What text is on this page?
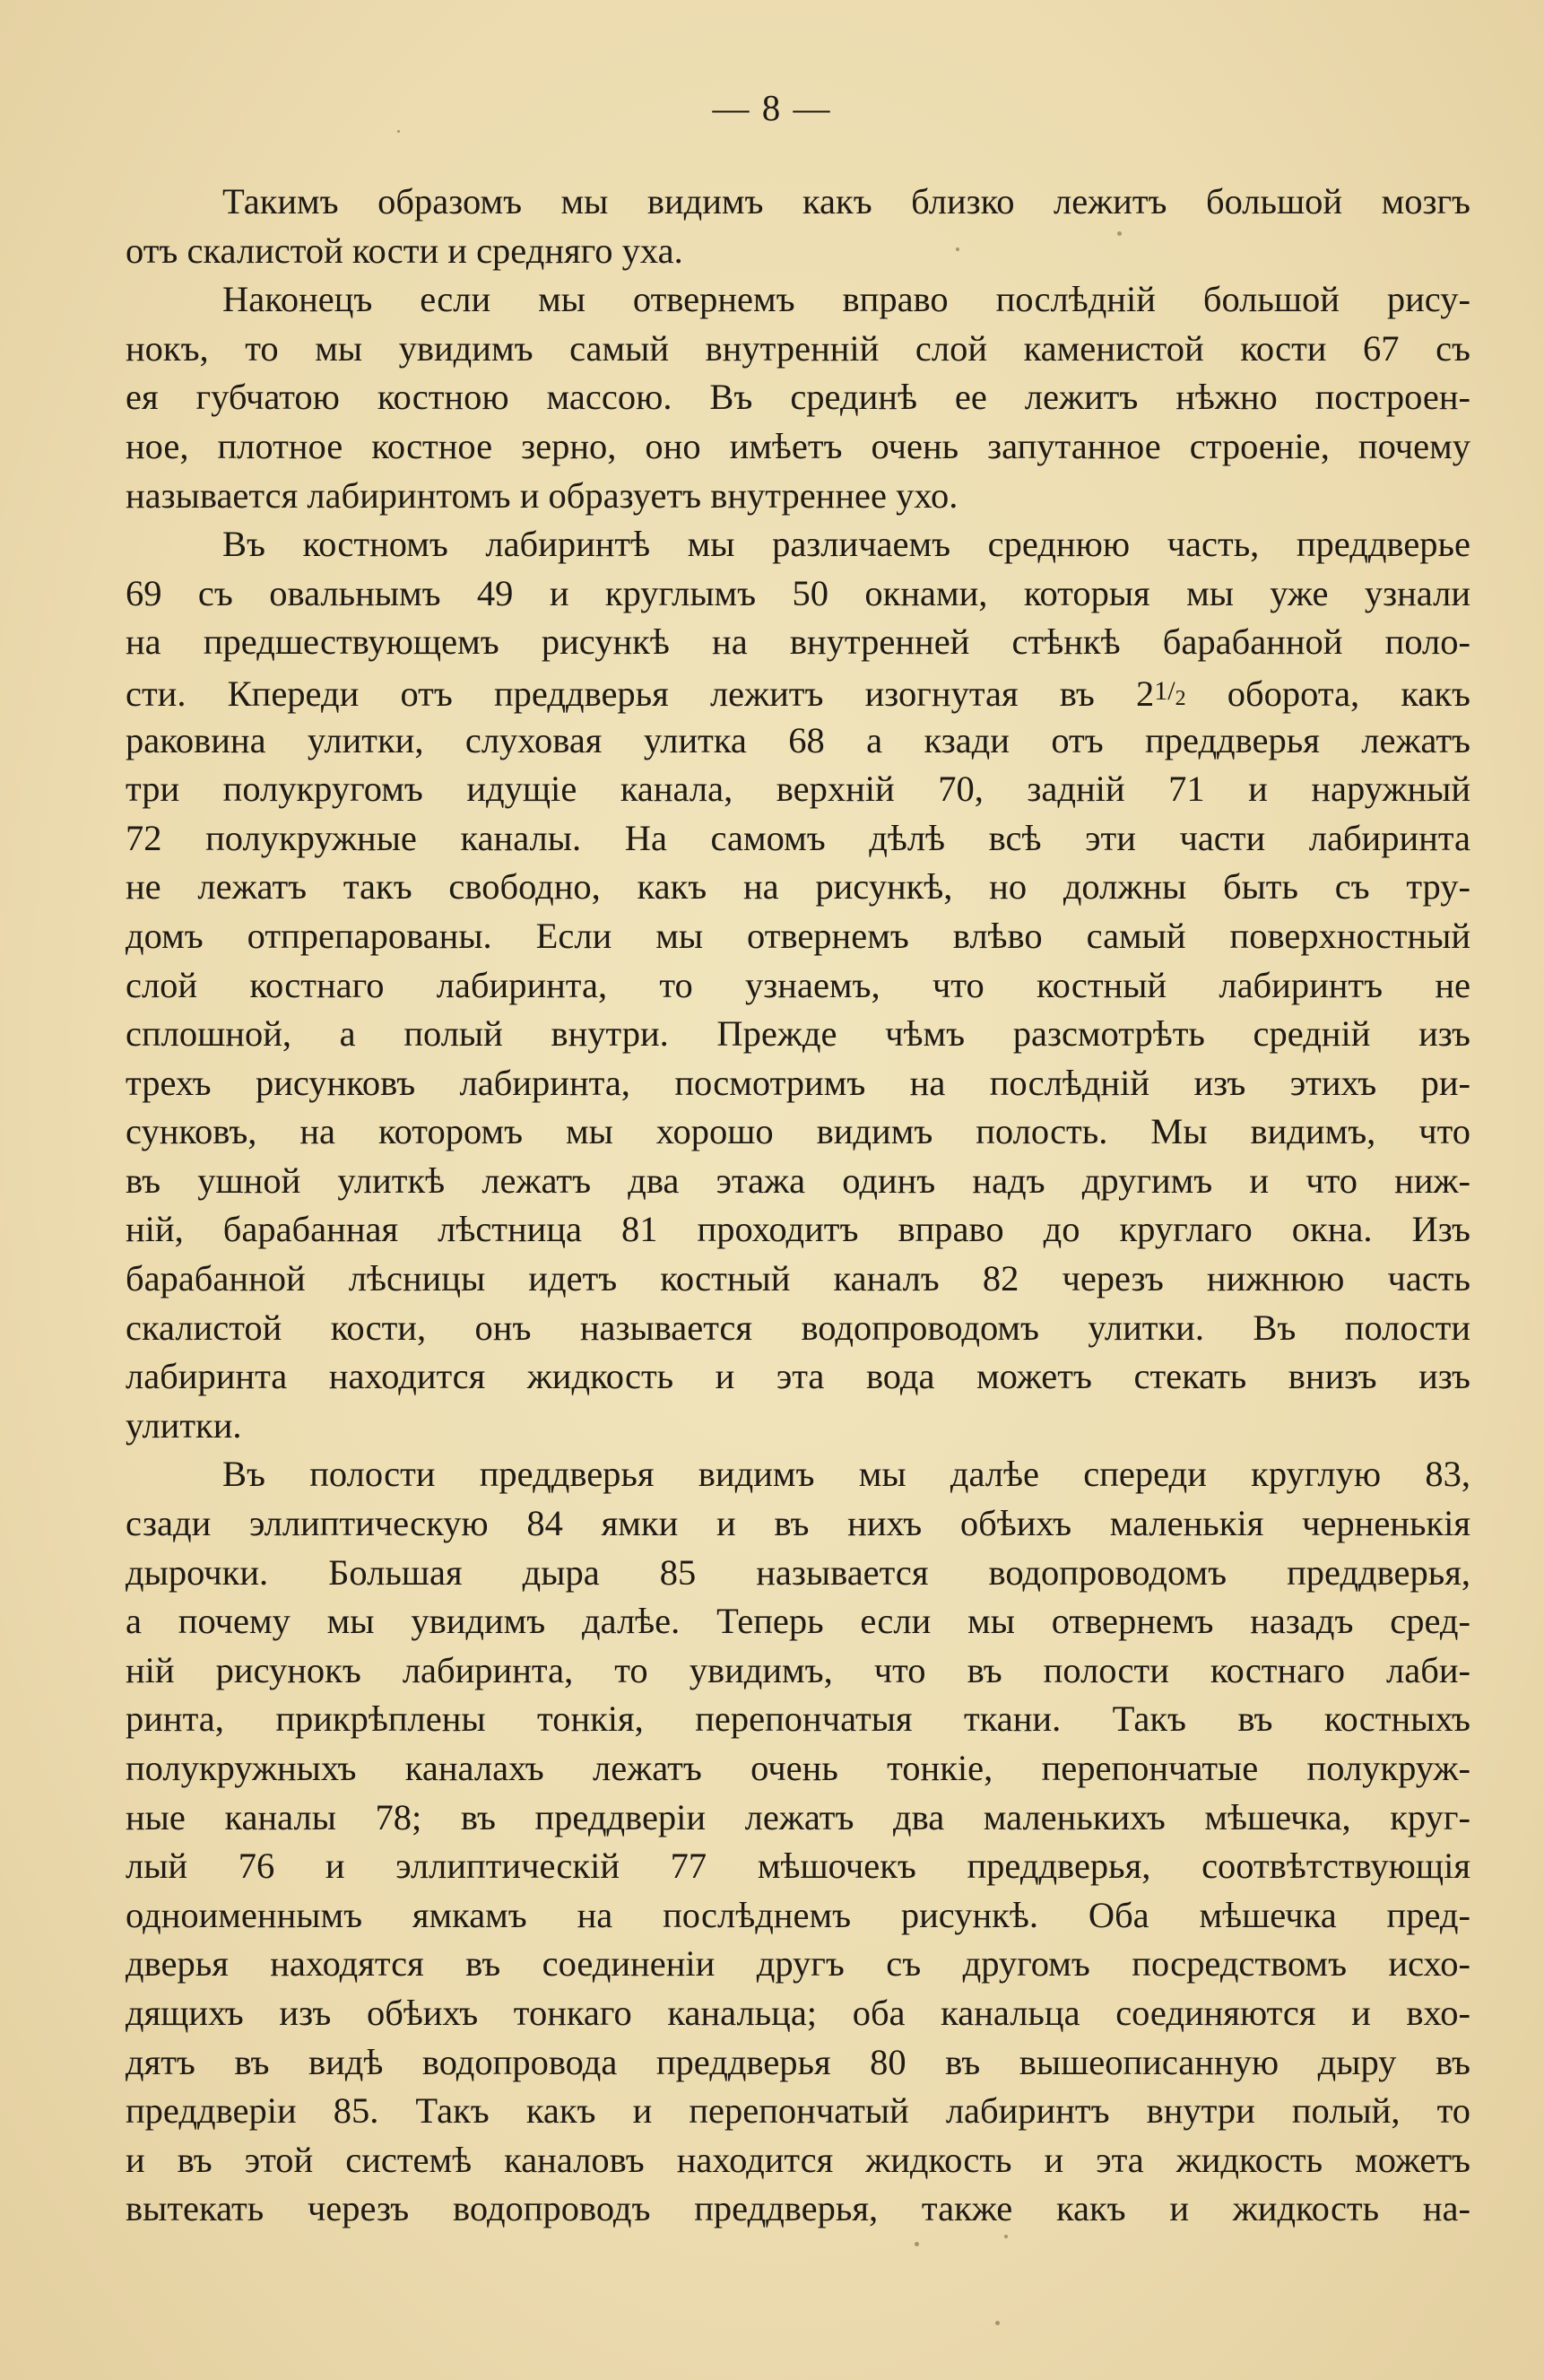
— 8 —
Такимъ образомъ мы видимъ какъ близко лежитъ большой мозгъ
отъ скалистой кости и средняго уха.
Наконецъ если мы отвернемъ вправо послѣднiй большой рису-
нокъ, то мы увидимъ самый внутреннiй слой каменистой кости 67 съ
ея губчатою костною массою. Въ срединѣ ее лежитъ нѣжно построен-
ное, плотное костное зерно, оно имѣетъ очень запутанное строенiе, почему
называется лабиринтомъ и образуетъ внутреннее ухо.
Въ костномъ лабиринтѣ мы различаемъ среднюю часть, преддверье
69 съ овальнымъ 49 и круглымъ 50 окнами, которыя мы уже узнали
на предшествующемъ рисункѣ на внутренней стѣнкѣ барабанной поло-
сти. Кпереди отъ преддверья лежитъ изогнутая въ $21/_2$ оборота, какъ
раковина улитки, слуховая улитка 68 а кзади отъ преддверья лежатъ
три полукругомъ идущiе канала, верхнiй 70, заднiй 71 и наружный
72 полукружные каналы. На самомъ дѣлѣ всѣ эти части лабиринта
не лежатъ такъ свободно, какъ на рисункѣ, но должны быть съ тру-
домъ отпрепарованы. Если мы отвернемъ влѣво самый поверхностный
слой костнаго лабиринта, то узнаемъ, что костный лабиринтъ не
сплошной, а полый внутри. Прежде чѣмъ разсмотрѣть среднiй изъ
трехъ рисунковъ лабиринта, посмотримъ на послѣднiй изъ этихъ ри-
сунковъ, на которомъ мы хорошо видимъ полость. Мы видимъ, что
въ ушной улиткѣ лежатъ два этажа одинъ надъ другимъ и что ниж-
нiй, барабанная лѣстница 81 проходитъ вправо до круглаго окна. Изъ
барабанной лѣсницы идетъ костный каналъ 82 черезъ нижнюю часть
скалистой кости, онъ называется водопроводомъ улитки. Въ полости
лабиринта находится жидкость и эта вода можетъ стекать внизъ изъ
улитки.
Въ полости преддверья видимъ мы далѣе спереди круглую 83,
сзади эллиптическую 84 ямки и въ нихъ обѣихъ маленькiя черненькiя
дырочки. Большая дыра 85 называется водопроводомъ преддверья,
а почему мы увидимъ далѣе. Теперь если мы отвернемъ назадъ сред-
нiй рисунокъ лабиринта, то увидимъ, что въ полости костнаго лаби-
ринта, прикрѣплены тонкiя, перепончатыя ткани. Такъ въ костныхъ
полукружныхъ каналахъ лежатъ очень тонкiе, перепончатые полукруж-
ные каналы 78; въ преддверiи лежатъ два маленькихъ мѣшечка, круг-
лый 76 и эллиптическiй 77 мѣшочекъ преддверья, соотвѣтствующiя
одноименнымъ ямкамъ на послѣднемъ рисункѣ. Оба мѣшечка пред-
дверья находятся въ соединенiи другъ съ другомъ посредствомъ исхо-
дящихъ изъ обѣихъ тонкаго канальца; оба канальца соединяются и вхо-
дятъ въ видѣ водопровода преддверья 80 въ вышеописанную дыру въ
преддверiи 85. Такъ какъ и перепончатый лабиринтъ внутри полый, то
и въ этой системѣ каналовъ находится жидкость и эта жидкость можетъ
вытекать черезъ водопроводъ преддверья, также какъ и жидкость на-
